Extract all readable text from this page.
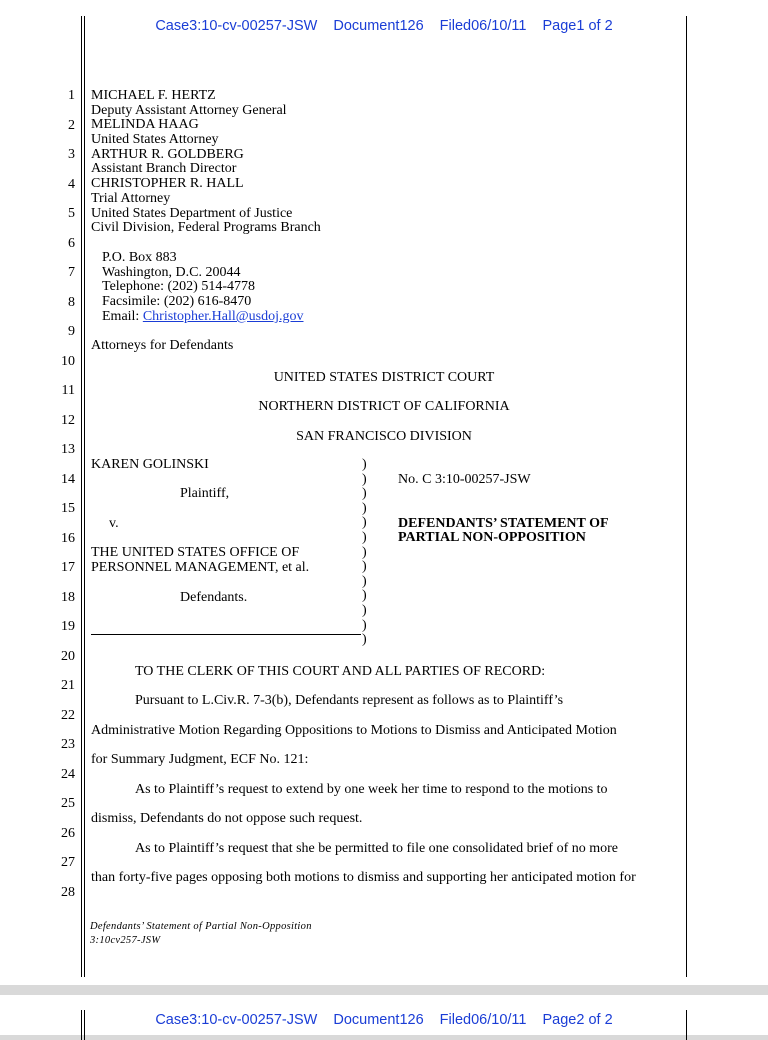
Case3:10-cv-00257-JSW Document126 Filed06/10/11 Page1 of 2
1
2
3
4
5
6
7
8
9
10
11
12
13
14
15
16
17
18
19
20
21
22
23
24
25
26
27
28
MICHAEL F. HERTZ
Deputy Assistant Attorney General
MELINDA HAAG
United States Attorney
ARTHUR R. GOLDBERG
Assistant Branch Director
CHRISTOPHER R. HALL
Trial Attorney
United States Department of Justice
Civil Division, Federal Programs Branch
P.O. Box 883
Washington, D.C. 20044
Telephone: (202) 514-4778
Facsimile: (202) 616-8470
Email: Christopher.Hall@usdoj.gov
Attorneys for Defendants
UNITED STATES DISTRICT COURT
NORTHERN DISTRICT OF CALIFORNIA
SAN FRANCISCO DIVISION
KAREN GOLINSKI
Plaintiff,
v.
THE UNITED STATES OFFICE OF
PERSONNEL MANAGEMENT, et al.
Defendants.
)
)
)
)
)
)
)
)
)
)
)
)
)
No. C 3:10-00257-JSW
DEFENDANTS’ STATEMENT OF
PARTIAL NON-OPPOSITION
TO THE CLERK OF THIS COURT AND ALL PARTIES OF RECORD:
Pursuant to L.Civ.R. 7-3(b), Defendants represent as follows as to Plaintiff’s
Administrative Motion Regarding Oppositions to Motions to Dismiss and Anticipated Motion
for Summary Judgment, ECF No. 121:
As to Plaintiff’s request to extend by one week her time to respond to the motions to
dismiss, Defendants do not oppose such request.
As to Plaintiff’s request that she be permitted to file one consolidated brief of no more
than forty-five pages opposing both motions to dismiss and supporting her anticipated motion for
Defendants’ Statement of Partial Non-Opposition
3:10cv257-JSW
Case3:10-cv-00257-JSW Document126 Filed06/10/11 Page2 of 2
